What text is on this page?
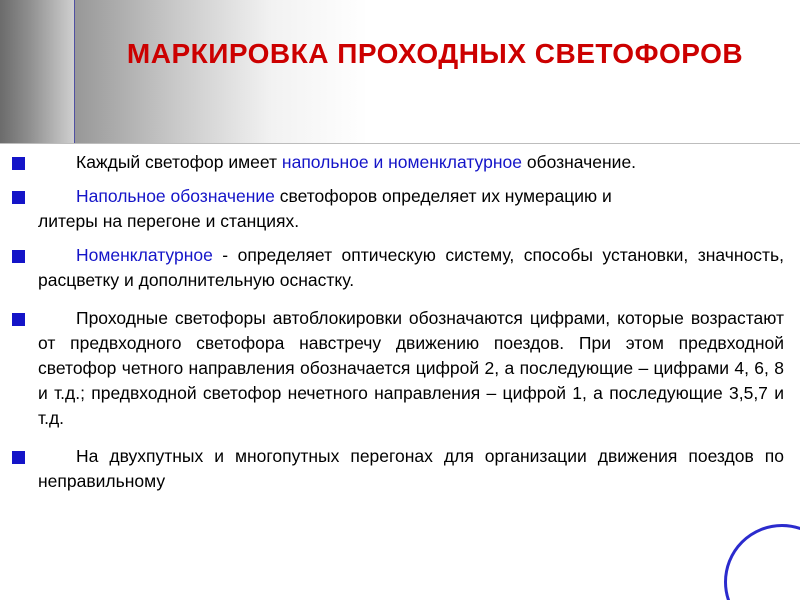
МАРКИРОВКА ПРОХОДНЫХ СВЕТОФОРОВ

Каждый светофор имеет напольное и номенклатурное обозначение.

Напольное обозначение светофоров определяет их нумерацию и
литеры на перегоне и станциях.

Номенклатурное - определяет оптическую систему, способы установки, значность, расцветку и дополнительную оснастку.

Проходные светофоры автоблокировки обозначаются цифрами, которые возрастают от предвходного светофора навстречу движению поездов. При этом предвходной светофор четного направления обозначается цифрой 2, а последующие – цифрами 4, 6, 8 и т.д.; предвходной светофор нечетного направления – цифрой 1, а последующие 3,5,7 и т.д.

На двухпутных и многопутных перегонах для организации движения поездов по неправильному
